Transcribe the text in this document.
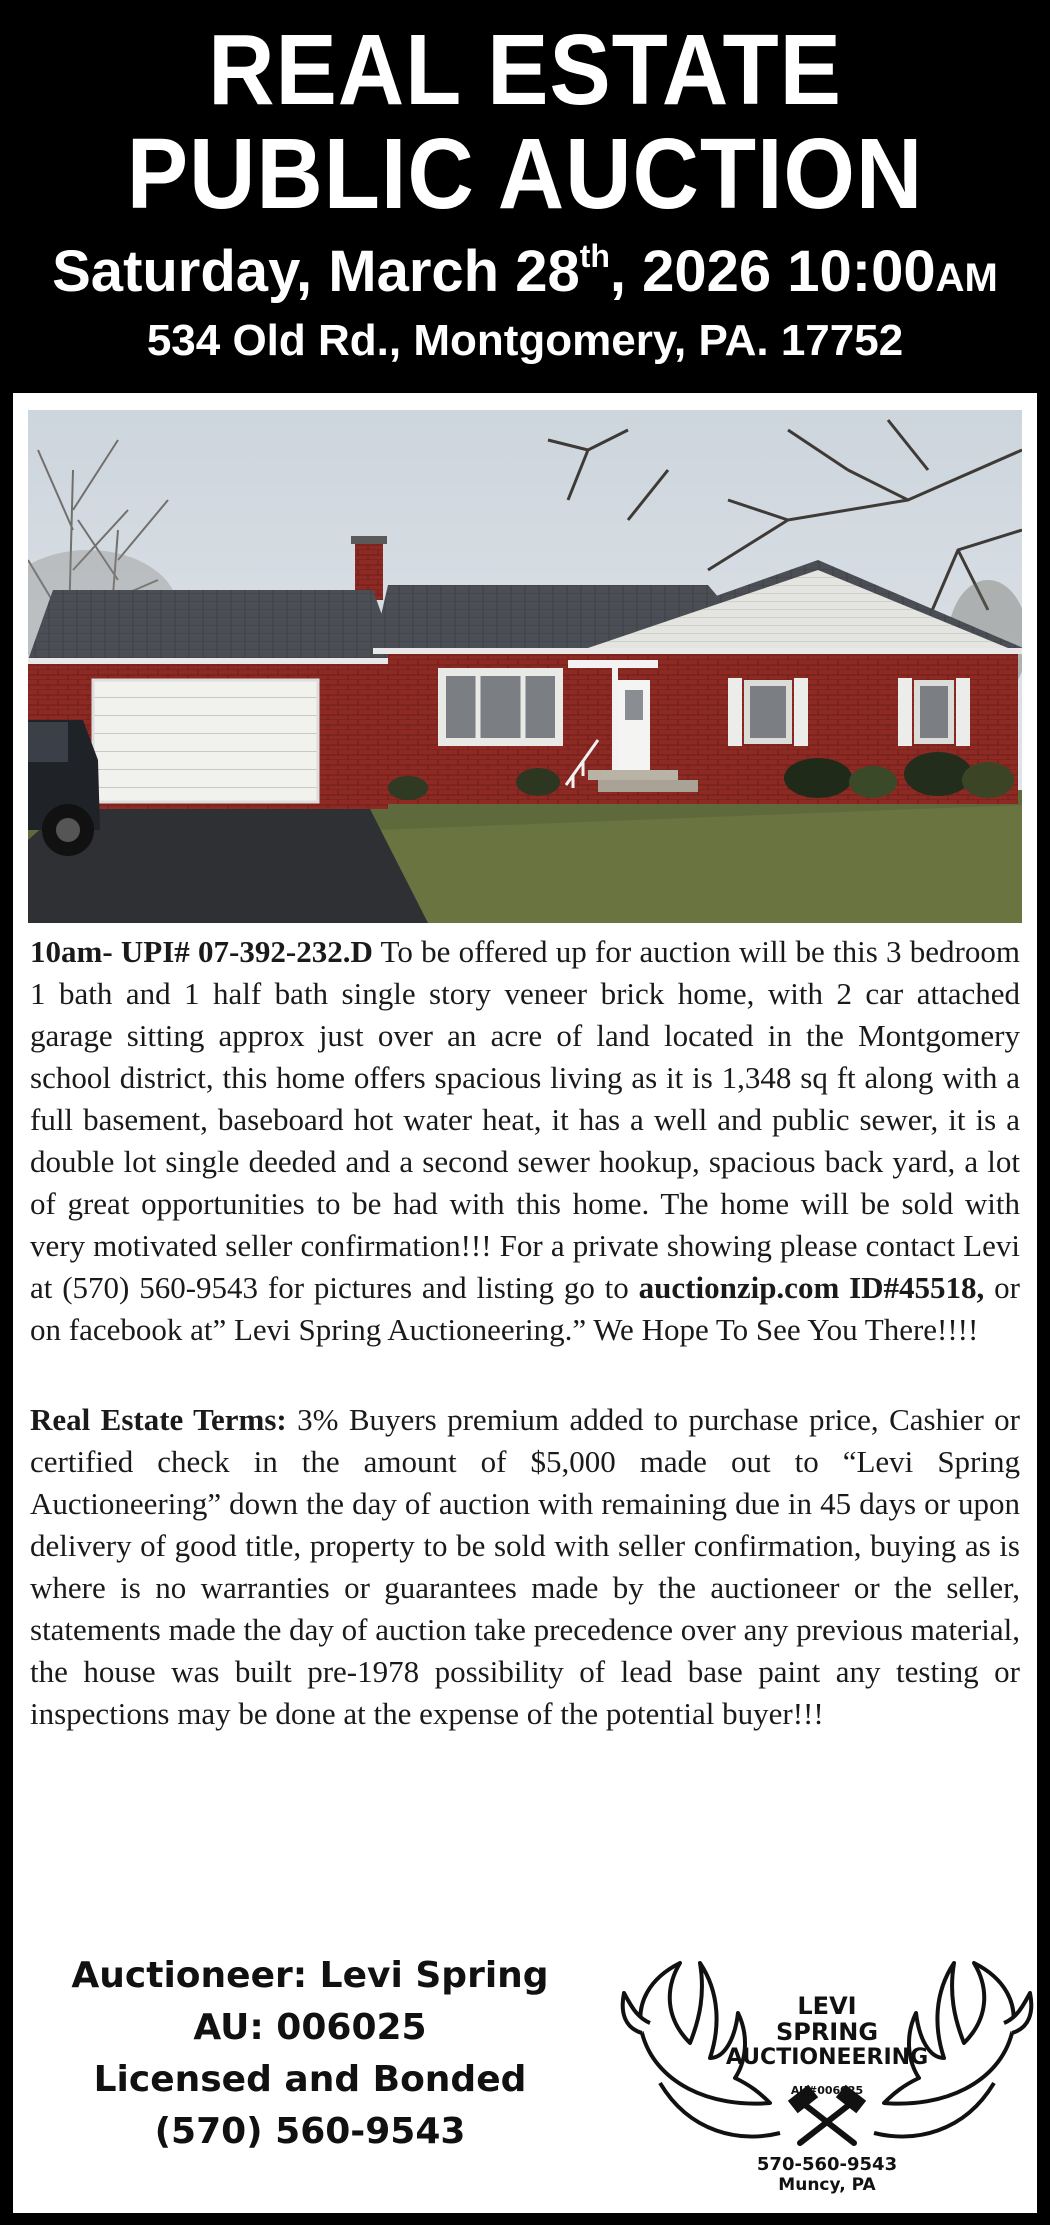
REAL ESTATE
PUBLIC AUCTION
Saturday, March 28th, 2026 10:00AM
534 Old Rd., Montgomery, PA. 17752
10am- UPI# 07-392-232.D To be offered up for auction will be this 3 bedroom 1 bath and 1 half bath single story veneer brick home, with 2 car attached garage sitting approx just over an acre of land located in the Montgomery school district, this home offers spacious living as it is 1,348 sq ft along with a full basement, baseboard hot water heat, it has a well and public sewer, it is a double lot single deeded and a second sewer hookup, spacious back yard, a lot of great opportunities to be had with this home. The home will be sold with very motivated seller confirmation!!! For a private showing please contact Levi at (570) 560-9543 for pictures and listing go to auctionzip.com ID#45518, or on facebook at” Levi Spring Auctioneering.” We Hope To See You There!!!!
Real Estate Terms: 3% Buyers premium added to purchase price, Cashier or certified check in the amount of $5,000 made out to “Levi Spring Auctioneering” down the day of auction with remaining due in 45 days or upon delivery of good title, property to be sold with seller confirmation, buying as is where is no warranties or guarantees made by the auctioneer or the seller, statements made the day of auction take precedence over any previous material, the house was built pre-1978 possibility of lead base paint any testing or inspections may be done at the expense of the potential buyer!!!
Auctioneer: Levi Spring
AU: 006025
Licensed and Bonded
(570) 560-9543
LEVI
SPRING
AUCTIONEERING
AU#006025
570-560-9543
Muncy, PA
